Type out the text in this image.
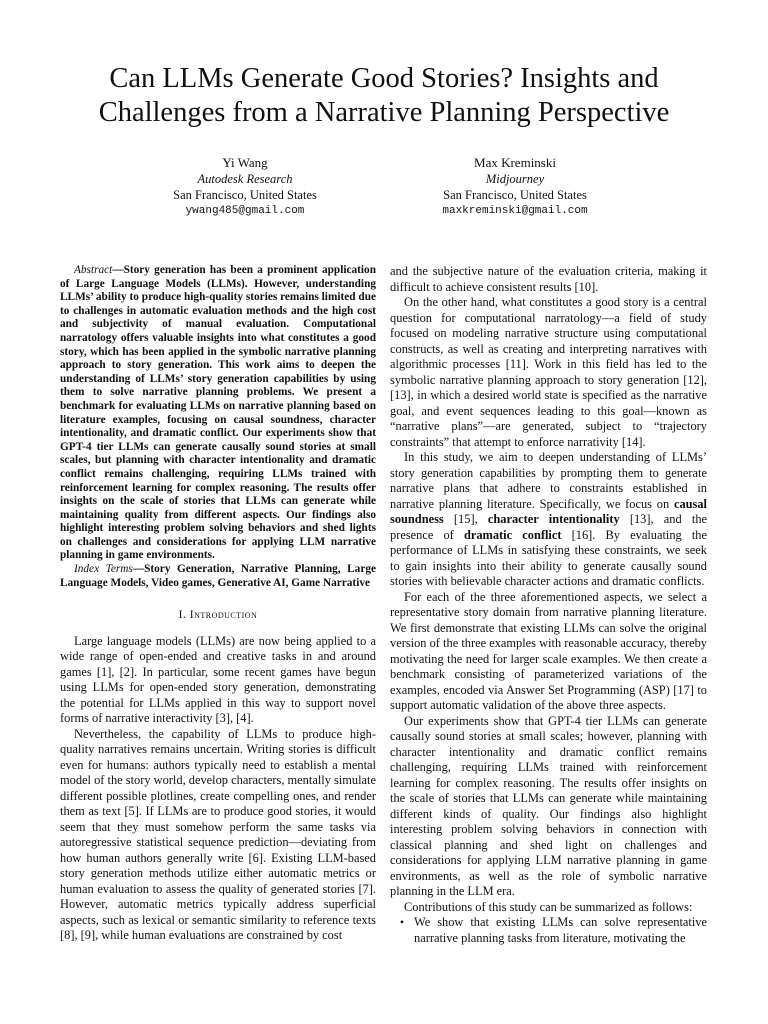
Can LLMs Generate Good Stories? Insights and
Challenges from a Narrative Planning Perspective
Yi Wang
Autodesk Research
San Francisco, United States
ywang485@gmail.com
Max Kreminski
Midjourney
San Francisco, United States
maxkreminski@gmail.com

Abstract—Story generation has been a prominent application of Large Language Models (LLMs). However, understanding LLMs’ ability to produce high-quality stories remains limited due to challenges in automatic evaluation methods and the high cost and subjectivity of manual evaluation. Computational narratology offers valuable insights into what constitutes a good story, which has been applied in the symbolic narrative planning approach to story generation. This work aims to deepen the understanding of LLMs’ story generation capabilities by using them to solve narrative planning problems. We present a benchmark for evaluating LLMs on narrative planning based on literature examples, focusing on causal soundness, character intentionality, and dramatic conflict. Our experiments show that GPT-4 tier LLMs can generate causally sound stories at small scales, but planning with character intentionality and dramatic conflict remains challenging, requiring LLMs trained with reinforcement learning for complex reasoning. The results offer insights on the scale of stories that LLMs can generate while maintaining quality from different aspects. Our findings also highlight interesting problem solving behaviors and shed lights on challenges and considerations for applying LLM narrative planning in game environments.

Index Terms—Story Generation, Narrative Planning, Large Language Models, Video games, Generative AI, Game Narrative

I. Introduction

Large language models (LLMs) are now being applied to a wide range of open-ended and creative tasks in and around games [1], [2]. In particular, some recent games have begun using LLMs for open-ended story generation, demonstrating the potential for LLMs applied in this way to support novel forms of narrative interactivity [3], [4].

Nevertheless, the capability of LLMs to produce high-quality narratives remains uncertain. Writing stories is difficult even for humans: authors typically need to establish a mental model of the story world, develop characters, mentally simulate different possible plotlines, create compelling ones, and render them as text [5]. If LLMs are to produce good stories, it would seem that they must somehow perform the same tasks via autoregressive statistical sequence prediction—deviating from how human authors generally write [6]. Existing LLM-based story generation methods utilize either automatic metrics or human evaluation to assess the quality of generated stories [7]. However, automatic metrics typically address superficial aspects, such as lexical or semantic similarity to reference texts [8], [9], while human evaluations are constrained by cost

and the subjective nature of the evaluation criteria, making it difficult to achieve consistent results [10].

On the other hand, what constitutes a good story is a central question for computational narratology—a field of study focused on modeling narrative structure using computational constructs, as well as creating and interpreting narratives with algorithmic processes [11]. Work in this field has led to the symbolic narrative planning approach to story generation [12], [13], in which a desired world state is specified as the narrative goal, and event sequences leading to this goal—known as “narrative plans”—are generated, subject to “trajectory constraints” that attempt to enforce narrativity [14].

In this study, we aim to deepen understanding of LLMs’ story generation capabilities by prompting them to generate narrative plans that adhere to constraints established in narrative planning literature. Specifically, we focus on causal soundness [15], character intentionality [13], and the presence of dramatic conflict [16]. By evaluating the performance of LLMs in satisfying these constraints, we seek to gain insights into their ability to generate causally sound stories with believable character actions and dramatic conflicts.

For each of the three aforementioned aspects, we select a representative story domain from narrative planning literature. We first demonstrate that existing LLMs can solve the original version of the three examples with reasonable accuracy, thereby motivating the need for larger scale examples. We then create a benchmark consisting of parameterized variations of the examples, encoded via Answer Set Programming (ASP) [17] to support automatic validation of the above three aspects.

Our experiments show that GPT-4 tier LLMs can generate causally sound stories at small scales; however, planning with character intentionality and dramatic conflict remains challenging, requiring LLMs trained with reinforcement learning for complex reasoning. The results offer insights on the scale of stories that LLMs can generate while maintaining different kinds of quality. Our findings also highlight interesting problem solving behaviors in connection with classical planning and shed light on challenges and considerations for applying LLM narrative planning in game environments, as well as the role of symbolic narrative planning in the LLM era.

Contributions of this study can be summarized as follows:

• We show that existing LLMs can solve representative narrative planning tasks from literature, motivating the
